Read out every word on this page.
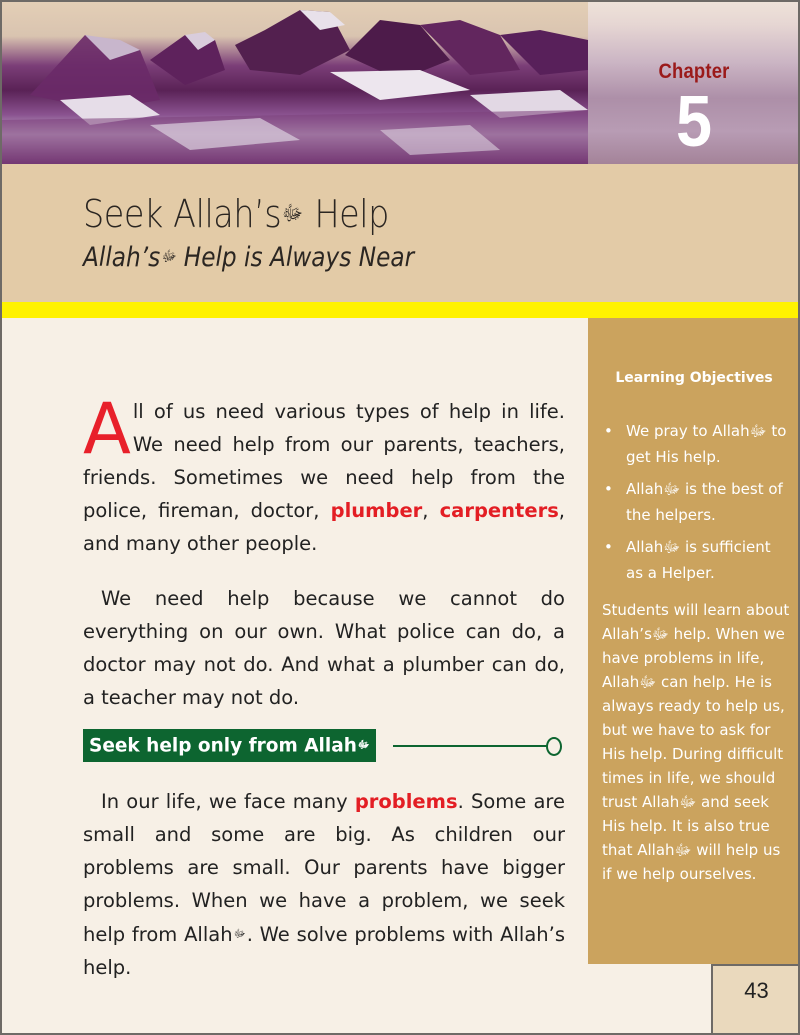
Chapter
5
Seek Allah’sﷻ Help
Allah’sﷻ Help is Always Near

All of us need various types of help in life. We need help from our parents, teachers, friends. Sometimes we need help from the police, fireman, doctor, plumber, carpenters, and many other people.

We need help because we cannot do everything on our own. What police can do, a doctor may not do. And what a plumber can do, a teacher may not do.

Seek help only from Allahﷻ

In our life, we face many problems. Some are small and some are big. As children our problems are small. Our parents have bigger problems. When we have a problem, we seek help from Allahﷻ. We solve problems with Allah’s help.

Learning Objectives
• We pray to Allahﷻ to get His help.
• Allahﷻ is the best of the helpers.
• Allahﷻ is sufficient as a Helper.

Students will learn about Allah’sﷻ help. When we have problems in life, Allahﷻ can help. He is always ready to help us, but we have to ask for His help. During difficult times in life, we should trust Allahﷻ and seek His help. It is also true that Allahﷻ will help us if we help ourselves.

43
